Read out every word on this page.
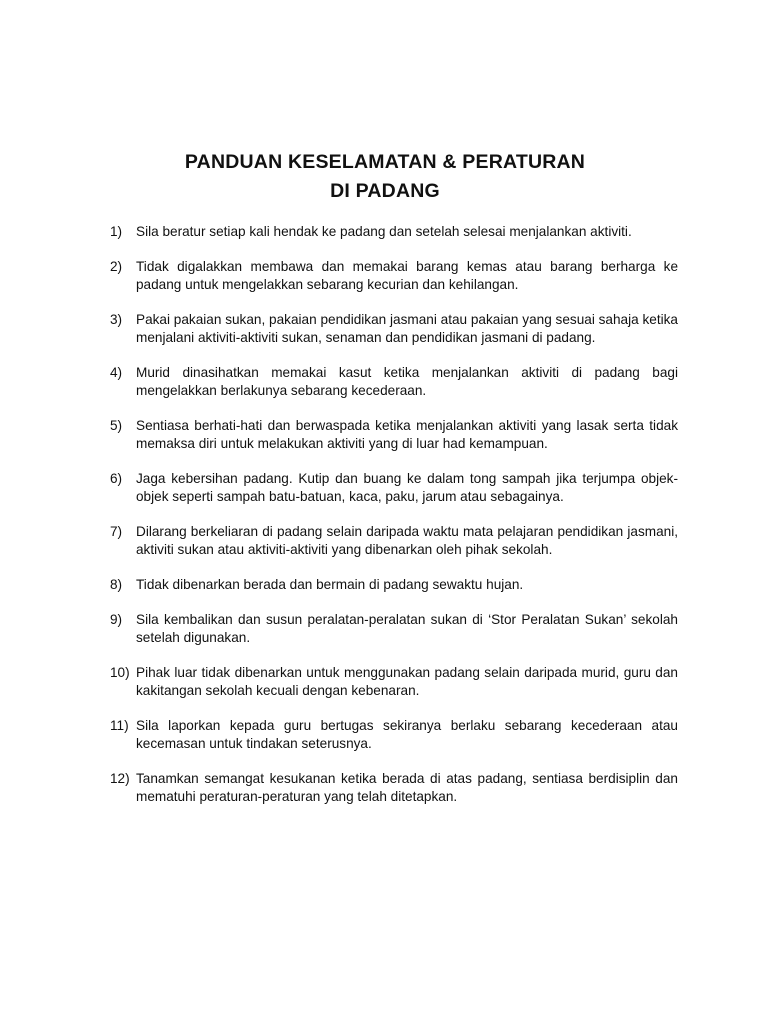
PANDUAN KESELAMATAN & PERATURAN
DI PADANG
1) Sila beratur setiap kali hendak ke padang dan setelah selesai menjalankan aktiviti.
2) Tidak digalakkan membawa dan memakai barang kemas atau barang berharga ke padang untuk mengelakkan sebarang kecurian dan kehilangan.
3) Pakai pakaian sukan, pakaian pendidikan jasmani atau pakaian yang sesuai sahaja ketika menjalani aktiviti-aktiviti sukan, senaman dan pendidikan jasmani di padang.
4) Murid dinasihatkan memakai kasut ketika menjalankan aktiviti di padang bagi mengelakkan berlakunya sebarang kecederaan.
5) Sentiasa berhati-hati dan berwaspada ketika menjalankan aktiviti yang lasak serta tidak memaksa diri untuk melakukan aktiviti yang di luar had kemampuan.
6) Jaga kebersihan padang. Kutip dan buang ke dalam tong sampah jika terjumpa objek-objek seperti sampah batu-batuan, kaca, paku, jarum atau sebagainya.
7) Dilarang berkeliaran di padang selain daripada waktu mata pelajaran pendidikan jasmani, aktiviti sukan atau aktiviti-aktiviti yang dibenarkan oleh pihak sekolah.
8) Tidak dibenarkan berada dan bermain di padang sewaktu hujan.
9) Sila kembalikan dan susun peralatan-peralatan sukan di ‘Stor Peralatan Sukan’ sekolah setelah digunakan.
10) Pihak luar tidak dibenarkan untuk menggunakan padang selain daripada murid, guru dan kakitangan sekolah kecuali dengan kebenaran.
11) Sila laporkan kepada guru bertugas sekiranya berlaku sebarang kecederaan atau kecemasan untuk tindakan seterusnya.
12) Tanamkan semangat kesukanan ketika berada di atas padang, sentiasa berdisiplin dan mematuhi peraturan-peraturan yang telah ditetapkan.
